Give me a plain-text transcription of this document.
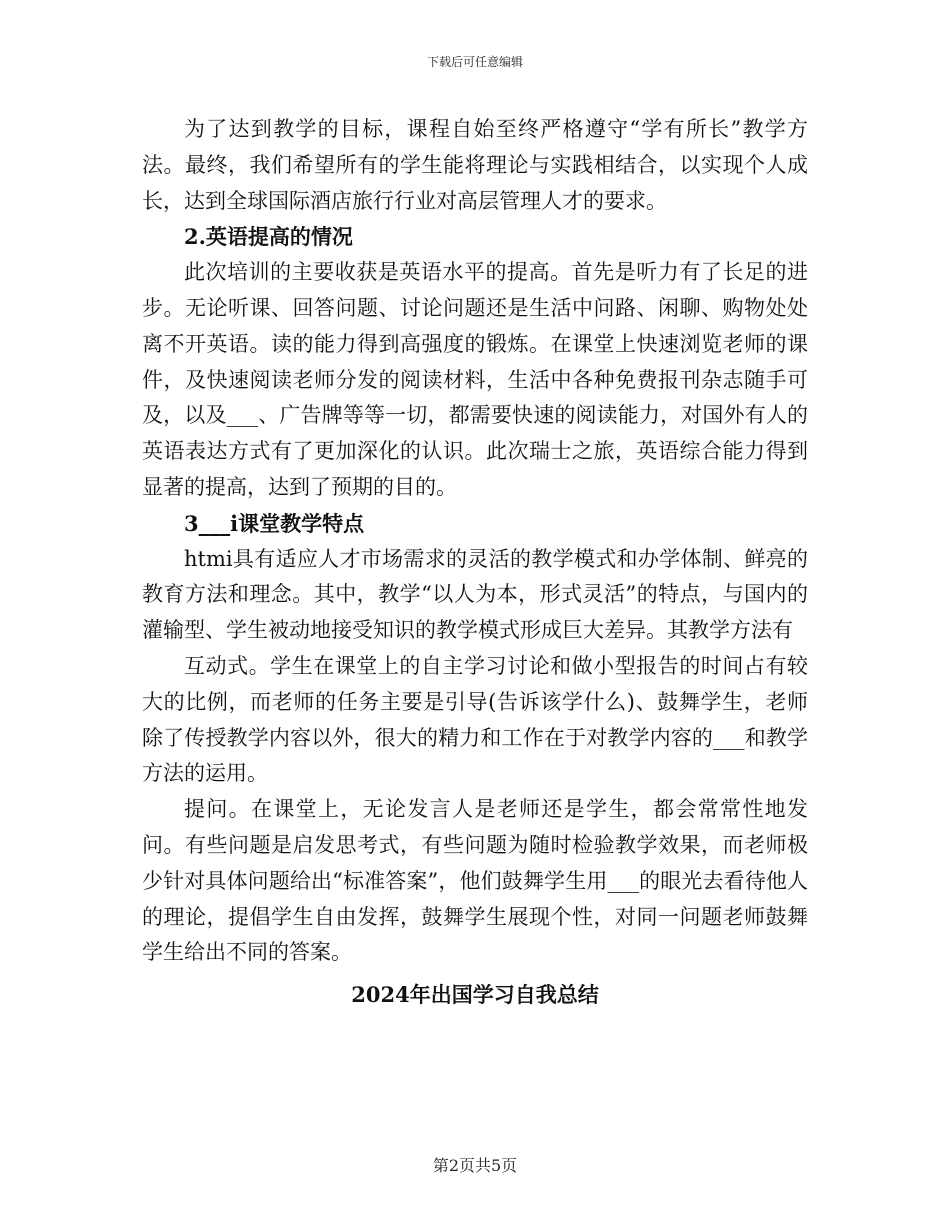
下载后可任意编辑

为了达到教学的目标，课程自始至终严格遵守“学有所长”教学方法。最终，我们希望所有的学生能将理论与实践相结合，以实现个人成长，达到全球国际酒店旅行行业对高层管理人才的要求。

2.英语提高的情况

此次培训的主要收获是英语水平的提高。首先是听力有了长足的进步。无论听课、回答问题、讨论问题还是生活中问路、闲聊、购物处处离不开英语。读的能力得到高强度的锻炼。在课堂上快速浏览老师的课件，及快速阅读老师分发的阅读材料，生活中各种免费报刊杂志随手可及，以及___、广告牌等等一切，都需要快速的阅读能力，对国外有人的英语表达方式有了更加深化的认识。此次瑞士之旅，英语综合能力得到显著的提高，达到了预期的目的。

3___i课堂教学特点

htmi具有适应人才市场需求的灵活的教学模式和办学体制、鲜亮的教育方法和理念。其中，教学“以人为本，形式灵活”的特点，与国内的灌输型、学生被动地接受知识的教学模式形成巨大差异。其教学方法有

互动式。学生在课堂上的自主学习讨论和做小型报告的时间占有较大的比例，而老师的任务主要是引导(告诉该学什么)、鼓舞学生，老师除了传授教学内容以外，很大的精力和工作在于对教学内容的___和教学方法的运用。

提问。在课堂上，无论发言人是老师还是学生，都会常常性地发问。有些问题是启发思考式，有些问题为随时检验教学效果，而老师极少针对具体问题给出“标准答案”，他们鼓舞学生用___的眼光去看待他人的理论，提倡学生自由发挥，鼓舞学生展现个性，对同一问题老师鼓舞学生给出不同的答案。

2024年出国学习自我总结

第2页共5页
